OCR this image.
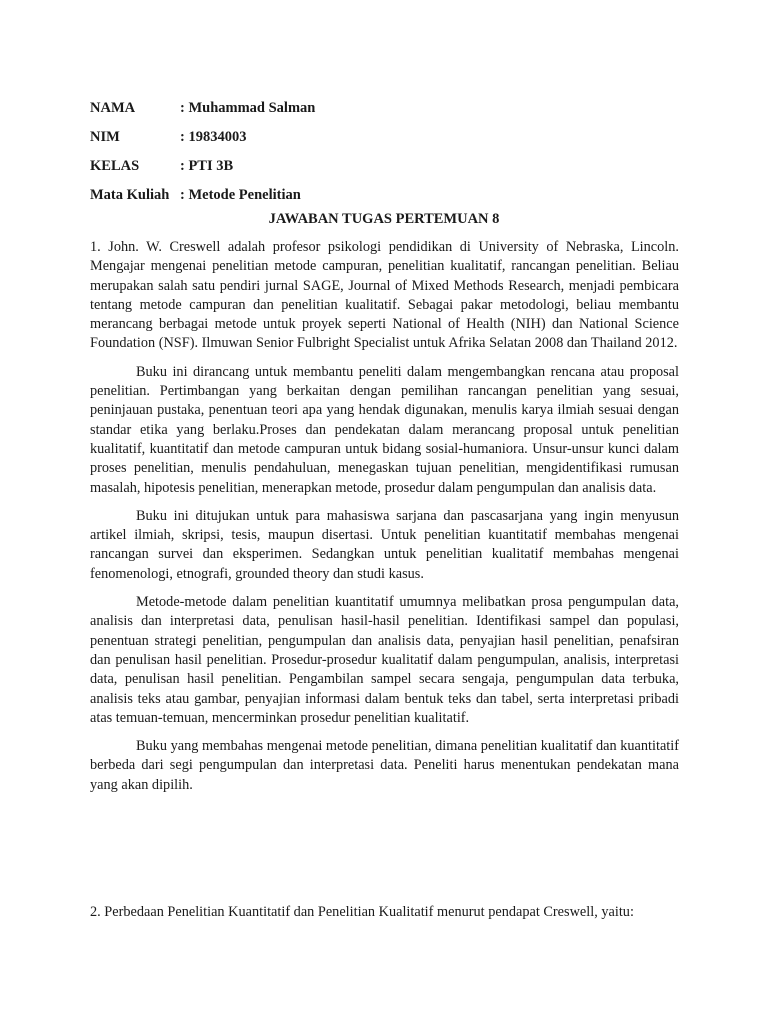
NAMA	: Muhammad Salman
NIM	: 19834003
KELAS	: PTI 3B
Mata Kuliah : Metode Penelitian
JAWABAN TUGAS PERTEMUAN 8

1. John. W. Creswell adalah profesor psikologi pendidikan di University of Nebraska, Lincoln. Mengajar mengenai penelitian metode campuran, penelitian kualitatif, rancangan penelitian. Beliau merupakan salah satu pendiri jurnal SAGE, Journal of Mixed Methods Research, menjadi pembicara tentang metode campuran dan penelitian kualitatif. Sebagai pakar metodologi, beliau membantu merancang berbagai metode untuk proyek seperti National of Health (NIH) dan National Science Foundation (NSF). Ilmuwan Senior Fulbright Specialist untuk Afrika Selatan 2008 dan Thailand 2012.

Buku ini dirancang untuk membantu peneliti dalam mengembangkan rencana atau proposal penelitian. Pertimbangan yang berkaitan dengan pemilihan rancangan penelitian yang sesuai, peninjauan pustaka, penentuan teori apa yang hendak digunakan, menulis karya ilmiah sesuai dengan standar etika yang berlaku.Proses dan pendekatan dalam merancang proposal untuk penelitian kualitatif, kuantitatif dan metode campuran untuk bidang sosial-humaniora. Unsur-unsur kunci dalam proses penelitian, menulis pendahuluan, menegaskan tujuan penelitian, mengidentifikasi rumusan masalah, hipotesis penelitian, menerapkan metode, prosedur dalam pengumpulan dan analisis data.

Buku ini ditujukan untuk para mahasiswa sarjana dan pascasarjana yang ingin menyusun artikel ilmiah, skripsi, tesis, maupun disertasi. Untuk penelitian kuantitatif membahas mengenai rancangan survei dan eksperimen. Sedangkan untuk penelitian kualitatif membahas mengenai fenomenologi, etnografi, grounded theory dan studi kasus.

Metode-metode dalam penelitian kuantitatif umumnya melibatkan prosa pengumpulan data, analisis dan interpretasi data, penulisan hasil-hasil penelitian. Identifikasi sampel dan populasi, penentuan strategi penelitian, pengumpulan dan analisis data, penyajian hasil penelitian, penafsiran dan penulisan hasil penelitian. Prosedur-prosedur kualitatif dalam pengumpulan, analisis, interpretasi data, penulisan hasil penelitian. Pengambilan sampel secara sengaja, pengumpulan data terbuka, analisis teks atau gambar, penyajian informasi dalam bentuk teks dan tabel, serta interpretasi pribadi atas temuan-temuan, mencerminkan prosedur penelitian kualitatif.

Buku yang membahas mengenai metode penelitian, dimana penelitian kualitatif dan kuantitatif berbeda dari segi pengumpulan dan interpretasi data. Peneliti harus menentukan pendekatan mana yang akan dipilih.

2. Perbedaan Penelitian Kuantitatif dan Penelitian Kualitatif menurut pendapat Creswell, yaitu:
